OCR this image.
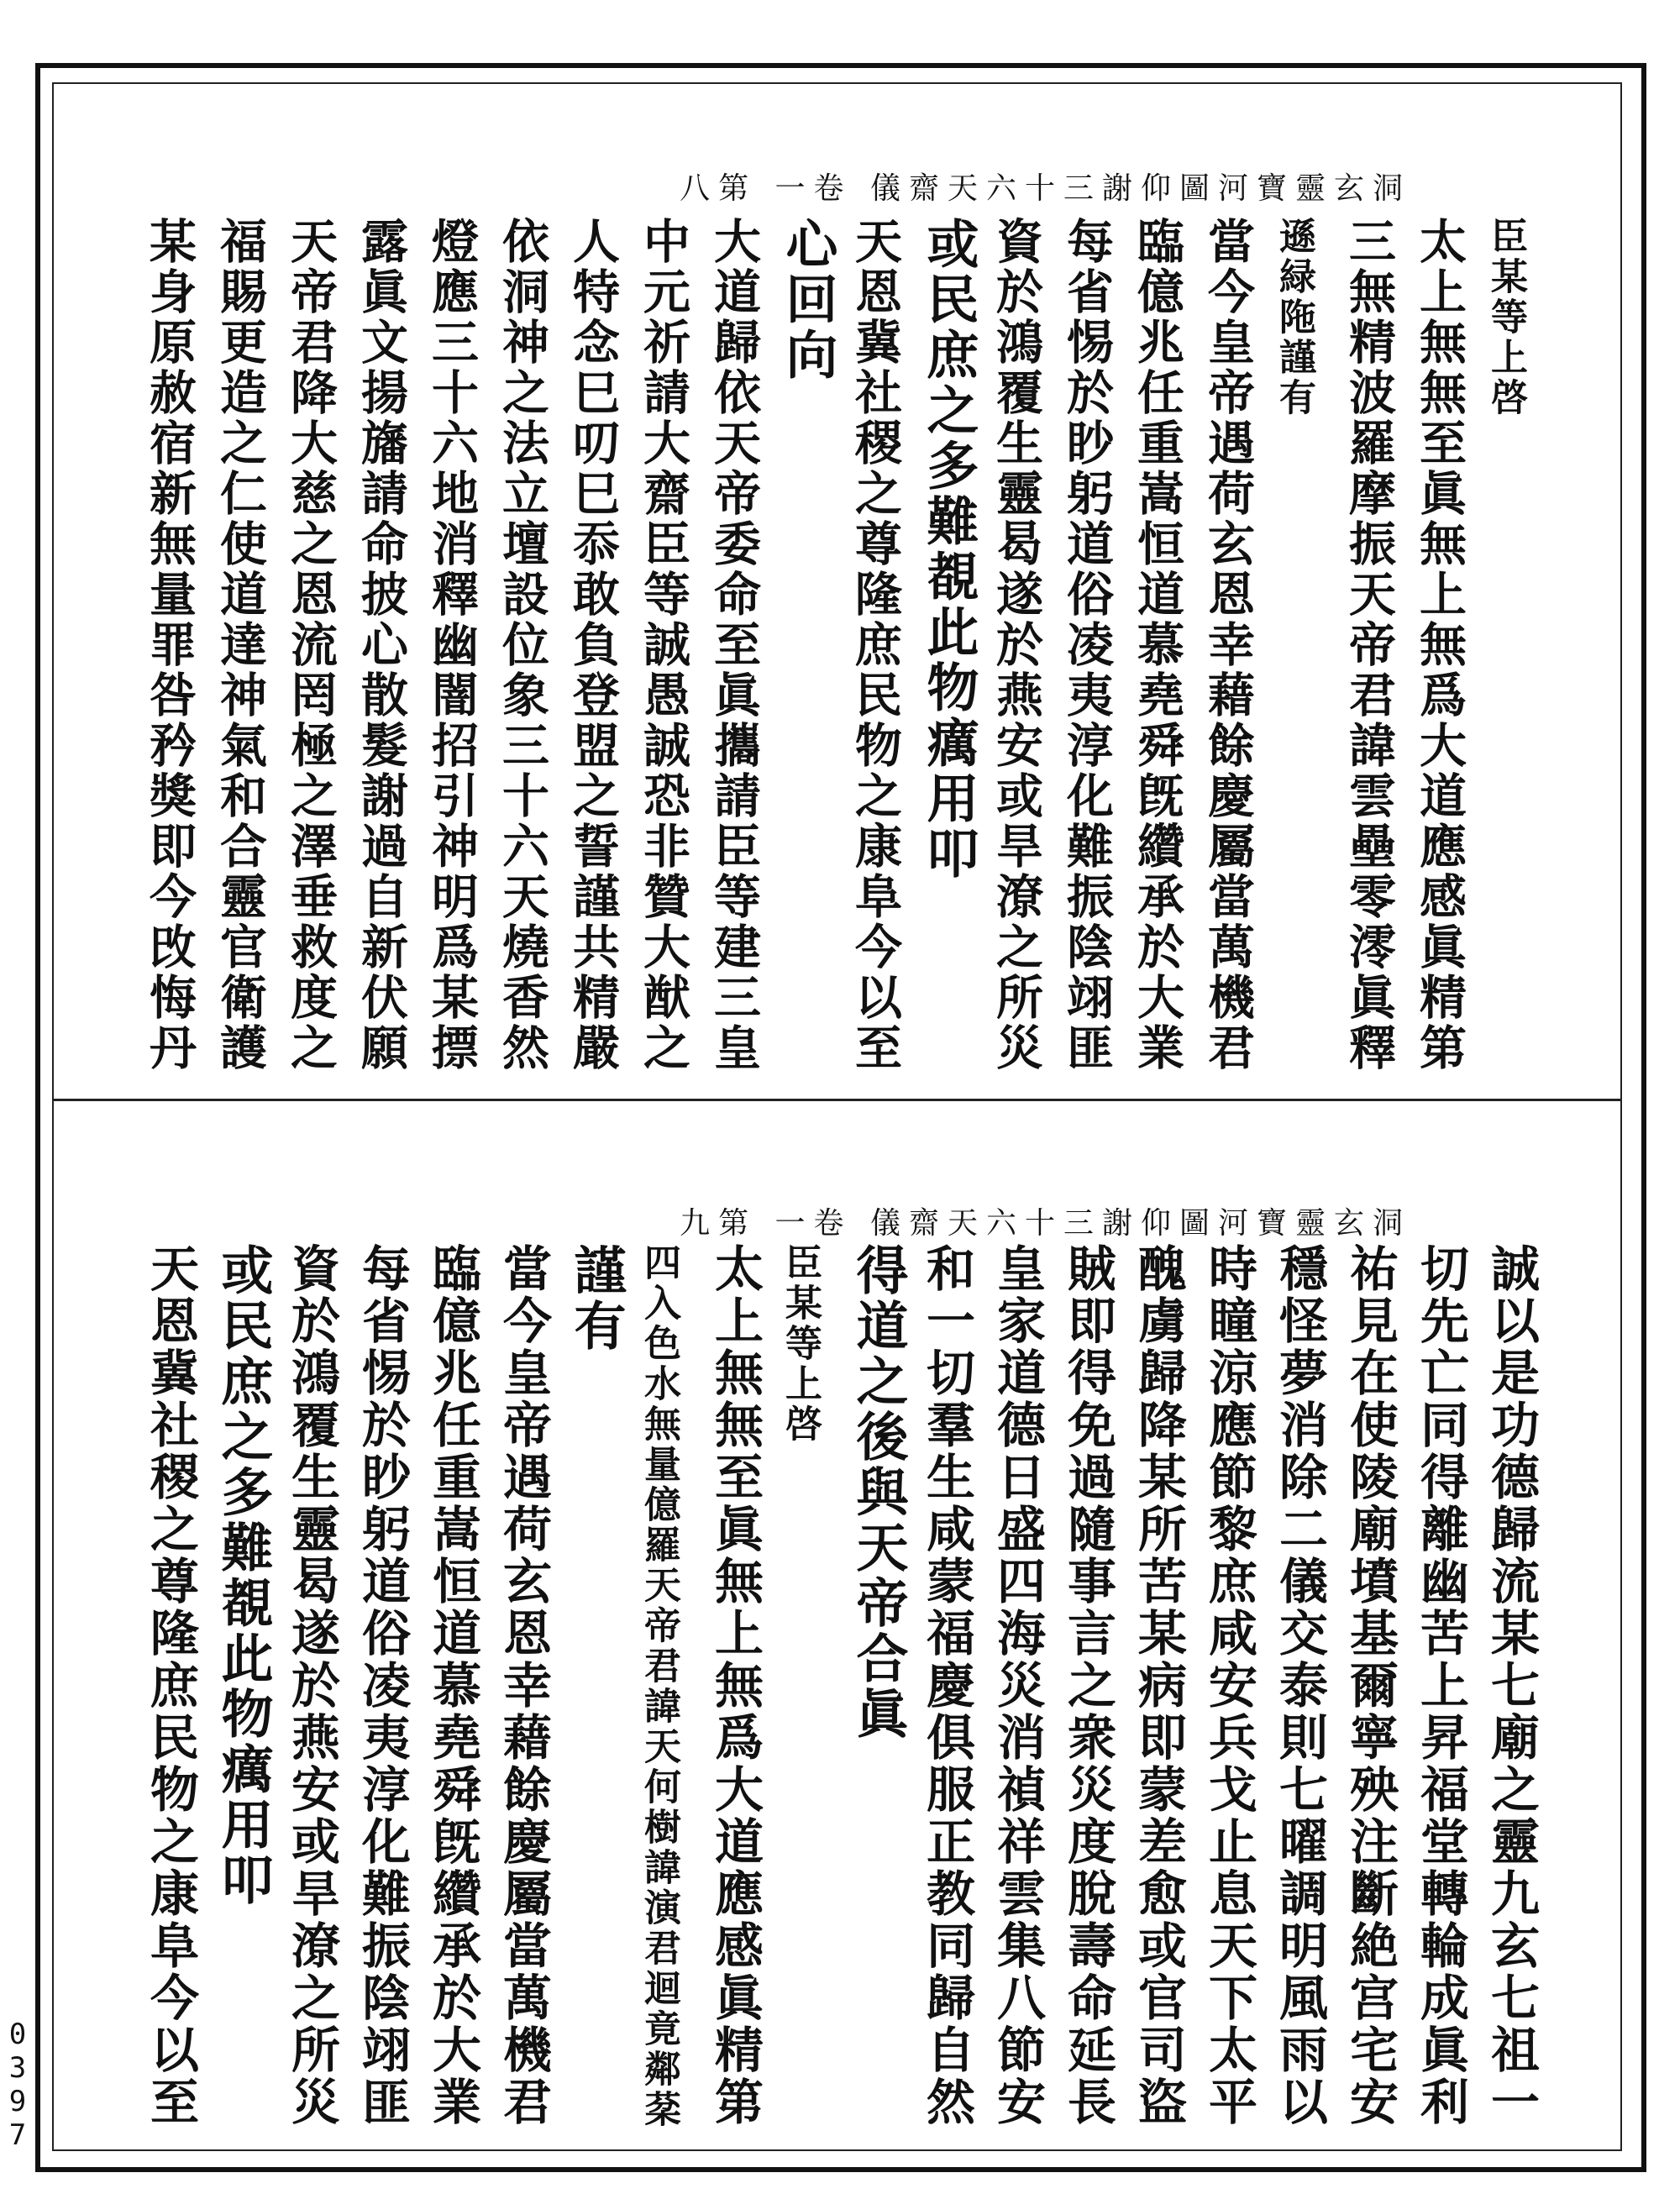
洞玄靈寶河圖仰謝三十六天齋儀 卷一 第八
臣某等上啓
太上無無至眞無上無爲大道應感眞精第
三無精波羅摩振天帝君諱雲壘零澪眞釋
遜緑陁謹有
當今皇帝遇荷玄恩幸藉餘慶屬當萬機君
臨億兆任重嵩恒道慕堯舜旣纘承於大業
每省惕於眇躬道俗凌夷淳化難振陰翊匪
資於鴻覆生靈曷遂於燕安或旱潦之所災
或民庶之多難覩此物癘用叩
天恩冀社稷之尊隆庶民物之康阜今以至
心回向
大道歸依天帝委命至眞攜請臣等建三皇
中元祈請大齋臣等誠愚誠恐非贊大猷之
人特念巳叨巳忝敢負登盟之誓謹共精嚴
依洞神之法立壇設位象三十六天燒香然
燈應三十六地消釋幽闇招引神明爲某摽
露眞文揚旛請命披心散髮謝過自新伏願
天帝君降大慈之恩流罔極之澤垂救度之
福賜更造之仁使道達神氣和合靈官衛護
某身原赦宿新無量罪咎矜獎即今攺悔丹
洞玄靈寶河圖仰謝三十六天齋儀 卷一 第九
誠以是功德歸流某七廟之靈九玄七祖一
切先亡同得離幽苦上昇福堂轉輪成眞利
祐見在使陵廟墳基爾寧殃注斷絶宫宅安
穩怪夢消除二儀交泰則七曜調明風雨以
時瞳涼應節黎庶咸安兵戈止息天下太平
醜虜歸降某所苦某病即蒙差愈或官司盜
賊即得免過隨事言之衆災度脫壽命延長
皇家道德日盛四海災消禎祥雲集八節安
和一切羣生咸蒙福慶俱服正教同歸自然
得道之後與天帝合眞
臣某等上啓
太上無無至眞無上無爲大道應感眞精第
四入色水無量億羅天帝君諱天何樹諱演君迴竟鄰棻
謹有
當今皇帝遇荷玄恩幸藉餘慶屬當萬機君
臨億兆任重嵩恒道慕堯舜旣纘承於大業
每省惕於眇躬道俗凌夷淳化難振陰翊匪
資於鴻覆生靈曷遂於燕安或旱潦之所災
或民庶之多難覩此物癘用叩
天恩冀社稷之尊隆庶民物之康阜今以至
0397
